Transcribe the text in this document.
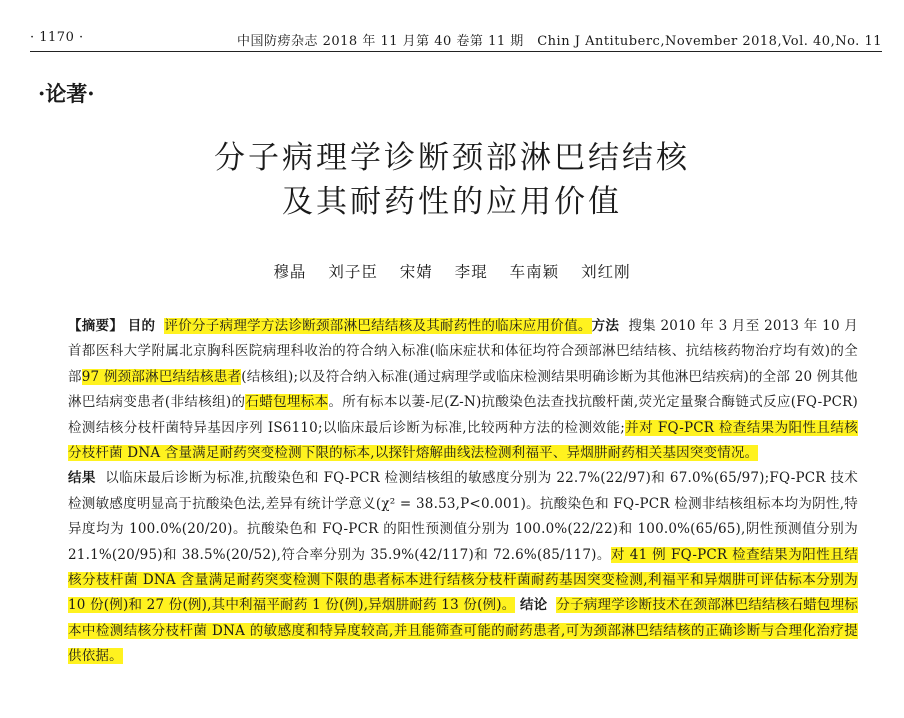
· 1170 ·	中国防痨杂志 2018 年 11 月第 40 卷第 11 期　Chin J Antituberc,November 2018,Vol. 40,No. 11
·论著·
分子病理学诊断颈部淋巴结结核
及其耐药性的应用价值
穆晶 刘子臣 宋婧 李琨 车南颖 刘红刚

【摘要】 目的 评价分子病理学方法诊断颈部淋巴结结核及其耐药性的临床应用价值。方法 搜集 2010 年 3 月至 2013 年 10 月首都医科大学附属北京胸科医院病理科收治的符合纳入标准(临床症状和体征均符合颈部淋巴结结核、抗结核药物治疗均有效)的全部97 例颈部淋巴结结核患者(结核组);以及符合纳入标准(通过病理学或临床检测结果明确诊断为其他淋巴结疾病)的全部 20 例其他淋巴结病变患者(非结核组)的石蜡包埋标本。所有标本以萋-尼(Z-N)抗酸染色法查找抗酸杆菌,荧光定量聚合酶链式反应(FQ-PCR)检测结核分枝杆菌特异基因序列 IS6110;以临床最后诊断为标准,比较两种方法的检测效能;并对 FQ-PCR 检查结果为阳性且结核分枝杆菌 DNA 含量满足耐药突变检测下限的标本,以探针熔解曲线法检测利福平、异烟肼耐药相关基因突变情况。

结果 以临床最后诊断为标准,抗酸染色和 FQ-PCR 检测结核组的敏感度分别为 22.7%(22/97)和 67.0%(65/97);FQ-PCR 技术检测敏感度明显高于抗酸染色法,差异有统计学意义(χ² = 38.53,P<0.001)。抗酸染色和 FQ-PCR 检测非结核组标本均为阴性,特异度均为 100.0%(20/20)。抗酸染色和 FQ-PCR 的阳性预测值分别为 100.0%(22/22)和 100.0%(65/65),阴性预测值分别为 21.1%(20/95)和 38.5%(20/52),符合率分别为 35.9%(42/117)和 72.6%(85/117)。对 41 例 FQ-PCR 检查结果为阳性且结核分枝杆菌 DNA 含量满足耐药突变检测下限的患者标本进行结核分枝杆菌耐药基因突变检测,利福平和异烟肼可评估标本分别为 10 份(例)和 27 份(例),其中利福平耐药 1 份(例),异烟肼耐药 13 份(例)。 结论 分子病理学诊断技术在颈部淋巴结结核石蜡包埋标本中检测结核分枝杆菌 DNA 的敏感度和特异度较高,并且能筛查可能的耐药患者,可为颈部淋巴结结核的正确诊断与合理化治疗提供依据。
